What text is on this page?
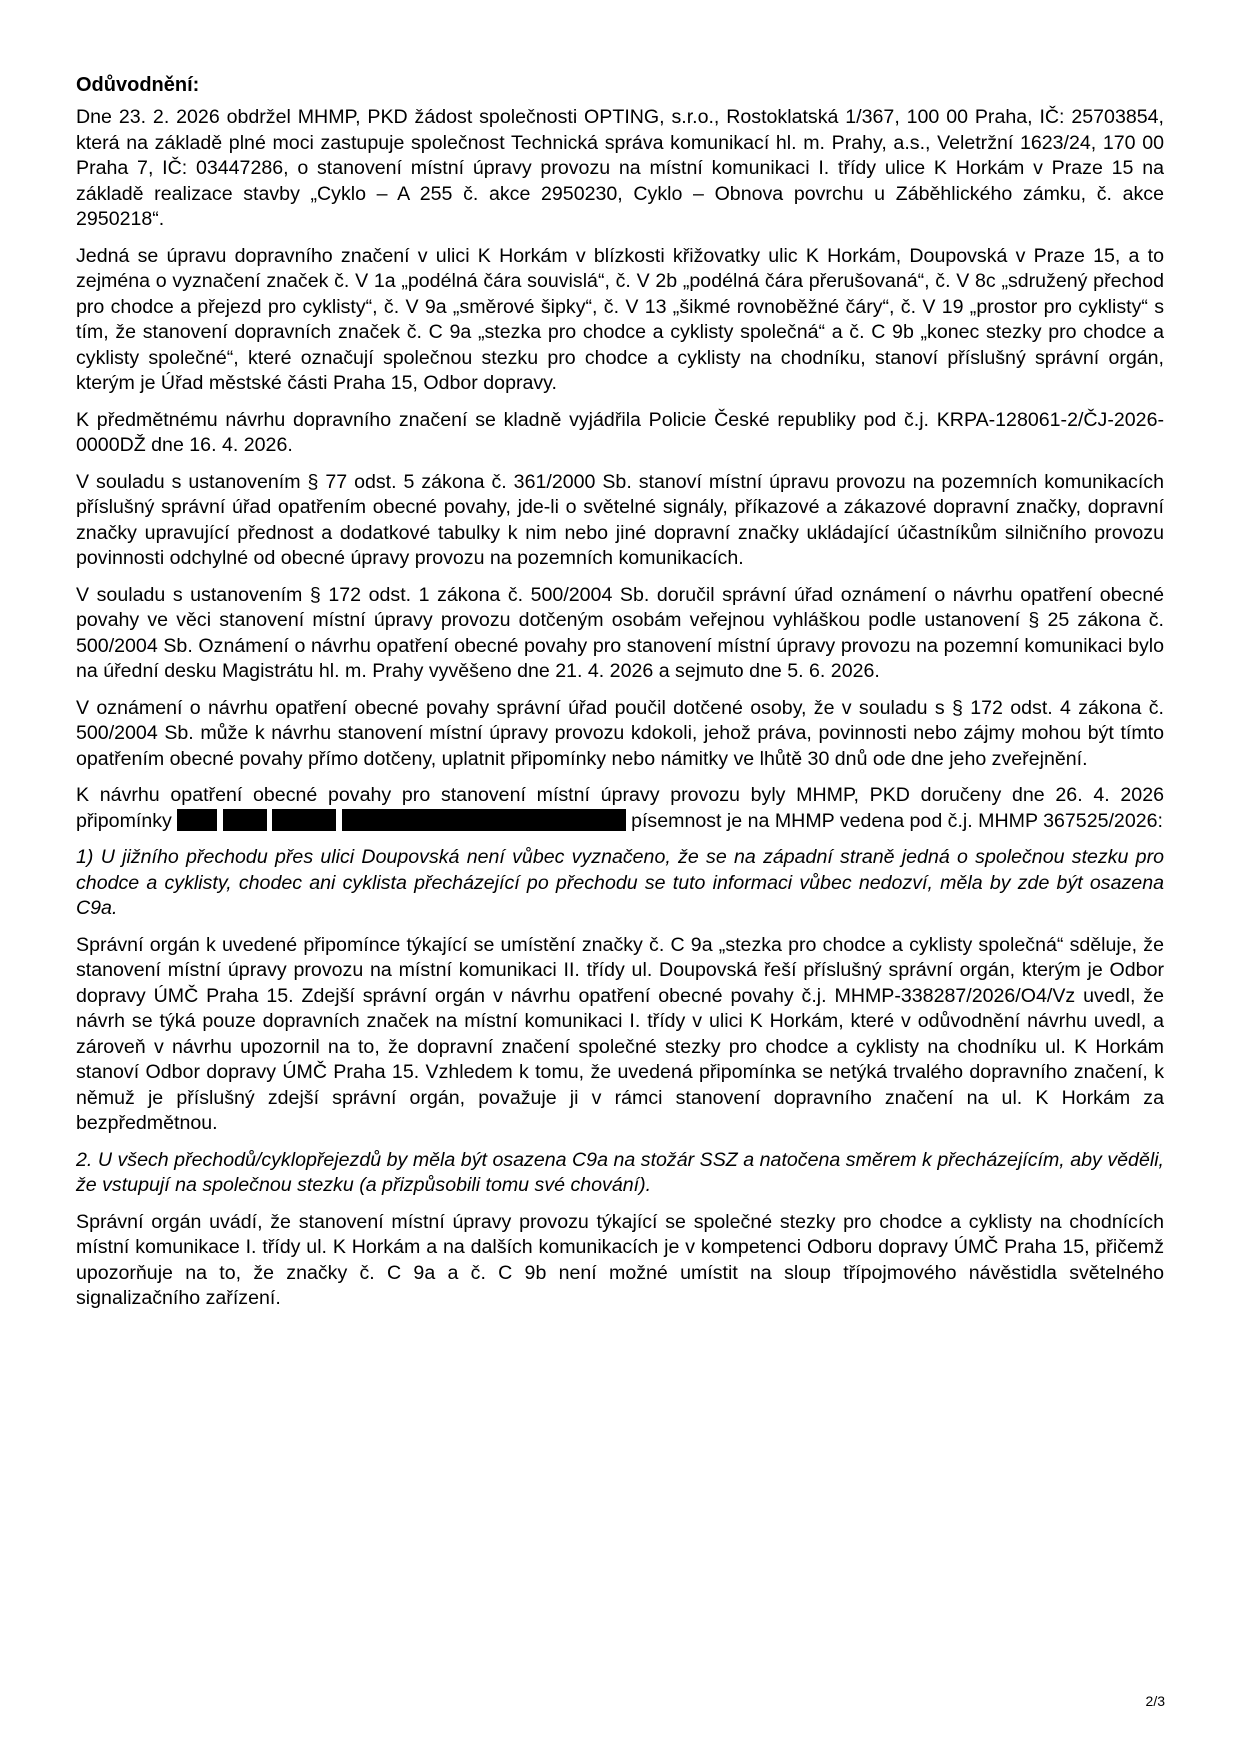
Odůvodnění:

Dne 23. 2. 2026 obdržel MHMP, PKD žádost společnosti OPTING, s.r.o., Rostoklatská 1/367, 100 00 Praha, IČ: 25703854, která na základě plné moci zastupuje společnost Technická správa komunikací hl. m. Prahy, a.s., Veletržní 1623/24, 170 00 Praha 7, IČ: 03447286, o stanovení místní úpravy provozu na místní komunikaci I. třídy ulice K Horkám v Praze 15 na základě realizace stavby „Cyklo – A 255 č. akce 2950230, Cyklo – Obnova povrchu u Záběhlického zámku, č. akce 2950218“.

Jedná se úpravu dopravního značení v ulici K Horkám v blízkosti křižovatky ulic K Horkám, Doupovská v Praze 15, a to zejména o vyznačení značek č. V 1a „podélná čára souvislá“, č. V 2b „podélná čára přerušovaná“, č. V 8c „sdružený přechod pro chodce a přejezd pro cyklisty“, č. V 9a „směrové šipky“, č. V 13 „šikmé rovnoběžné čáry“, č. V 19 „prostor pro cyklisty“ s tím, že stanovení dopravních značek č. C 9a „stezka pro chodce a cyklisty společná“ a č. C 9b „konec stezky pro chodce a cyklisty společné“, které označují společnou stezku pro chodce a cyklisty na chodníku, stanoví příslušný správní orgán, kterým je Úřad městské části Praha 15, Odbor dopravy.

K předmětnému návrhu dopravního značení se kladně vyjádřila Policie České republiky pod č.j. KRPA-128061-2/ČJ-2026-0000DŽ dne 16. 4. 2026.

V souladu s ustanovením § 77 odst. 5 zákona č. 361/2000 Sb. stanoví místní úpravu provozu na pozemních komunikacích příslušný správní úřad opatřením obecné povahy, jde-li o světelné signály, příkazové a zákazové dopravní značky, dopravní značky upravující přednost a dodatkové tabulky k nim nebo jiné dopravní značky ukládající účastníkům silničního provozu povinnosti odchylné od obecné úpravy provozu na pozemních komunikacích.

V souladu s ustanovením § 172 odst. 1 zákona č. 500/2004 Sb. doručil správní úřad oznámení o návrhu opatření obecné povahy ve věci stanovení místní úpravy provozu dotčeným osobám veřejnou vyhláškou podle ustanovení § 25 zákona č. 500/2004 Sb. Oznámení o návrhu opatření obecné povahy pro stanovení místní úpravy provozu na pozemní komunikaci bylo na úřední desku Magistrátu hl. m. Prahy vyvěšeno dne 21. 4. 2026 a sejmuto dne 5. 6. 2026.

V oznámení o návrhu opatření obecné povahy správní úřad poučil dotčené osoby, že v souladu s § 172 odst. 4 zákona č. 500/2004 Sb. může k návrhu stanovení místní úpravy provozu kdokoli, jehož práva, povinnosti nebo zájmy mohou být tímto opatřením obecné povahy přímo dotčeny, uplatnit připomínky nebo námitky ve lhůtě 30 dnů ode dne jeho zveřejnění.

K návrhu opatření obecné povahy pro stanovení místní úpravy provozu byly MHMP, PKD doručeny dne 26. 4. 2026 připomínky	písemnost je na MHMP vedena pod č.j. MHMP 367525/2026:

1) U jižního přechodu přes ulici Doupovská není vůbec vyznačeno, že se na západní straně jedná o společnou stezku pro chodce a cyklisty, chodec ani cyklista přecházející po přechodu se tuto informaci vůbec nedozví, měla by zde být osazena C9a.

Správní orgán k uvedené připomínce týkající se umístění značky č. C 9a „stezka pro chodce a cyklisty společná“ sděluje, že stanovení místní úpravy provozu na místní komunikaci II. třídy ul. Doupovská řeší příslušný správní orgán, kterým je Odbor dopravy ÚMČ Praha 15. Zdejší správní orgán v návrhu opatření obecné povahy č.j. MHMP-338287/2026/O4/Vz uvedl, že návrh se týká pouze dopravních značek na místní komunikaci I. třídy v ulici K Horkám, které v odůvodnění návrhu uvedl, a zároveň v návrhu upozornil na to, že dopravní značení společné stezky pro chodce a cyklisty na chodníku ul. K Horkám stanoví Odbor dopravy ÚMČ Praha 15. Vzhledem k tomu, že uvedená připomínka se netýká trvalého dopravního značení, k němuž je příslušný zdejší správní orgán, považuje ji v rámci stanovení dopravního značení na ul. K Horkám za bezpředmětnou.

2. U všech přechodů/cyklopřejezdů by měla být osazena C9a na stožár SSZ a natočena směrem k přecházejícím, aby věděli, že vstupují na společnou stezku (a přizpůsobili tomu své chování).

Správní orgán uvádí, že stanovení místní úpravy provozu týkající se společné stezky pro chodce a cyklisty na chodnících místní komunikace I. třídy ul. K Horkám a na dalších komunikacích je v kompetenci Odboru dopravy ÚMČ Praha 15, přičemž upozorňuje na to, že značky č. C 9a a č. C 9b není možné umístit na sloup třípojmového návěstidla světelného signalizačního zařízení.

2/3
